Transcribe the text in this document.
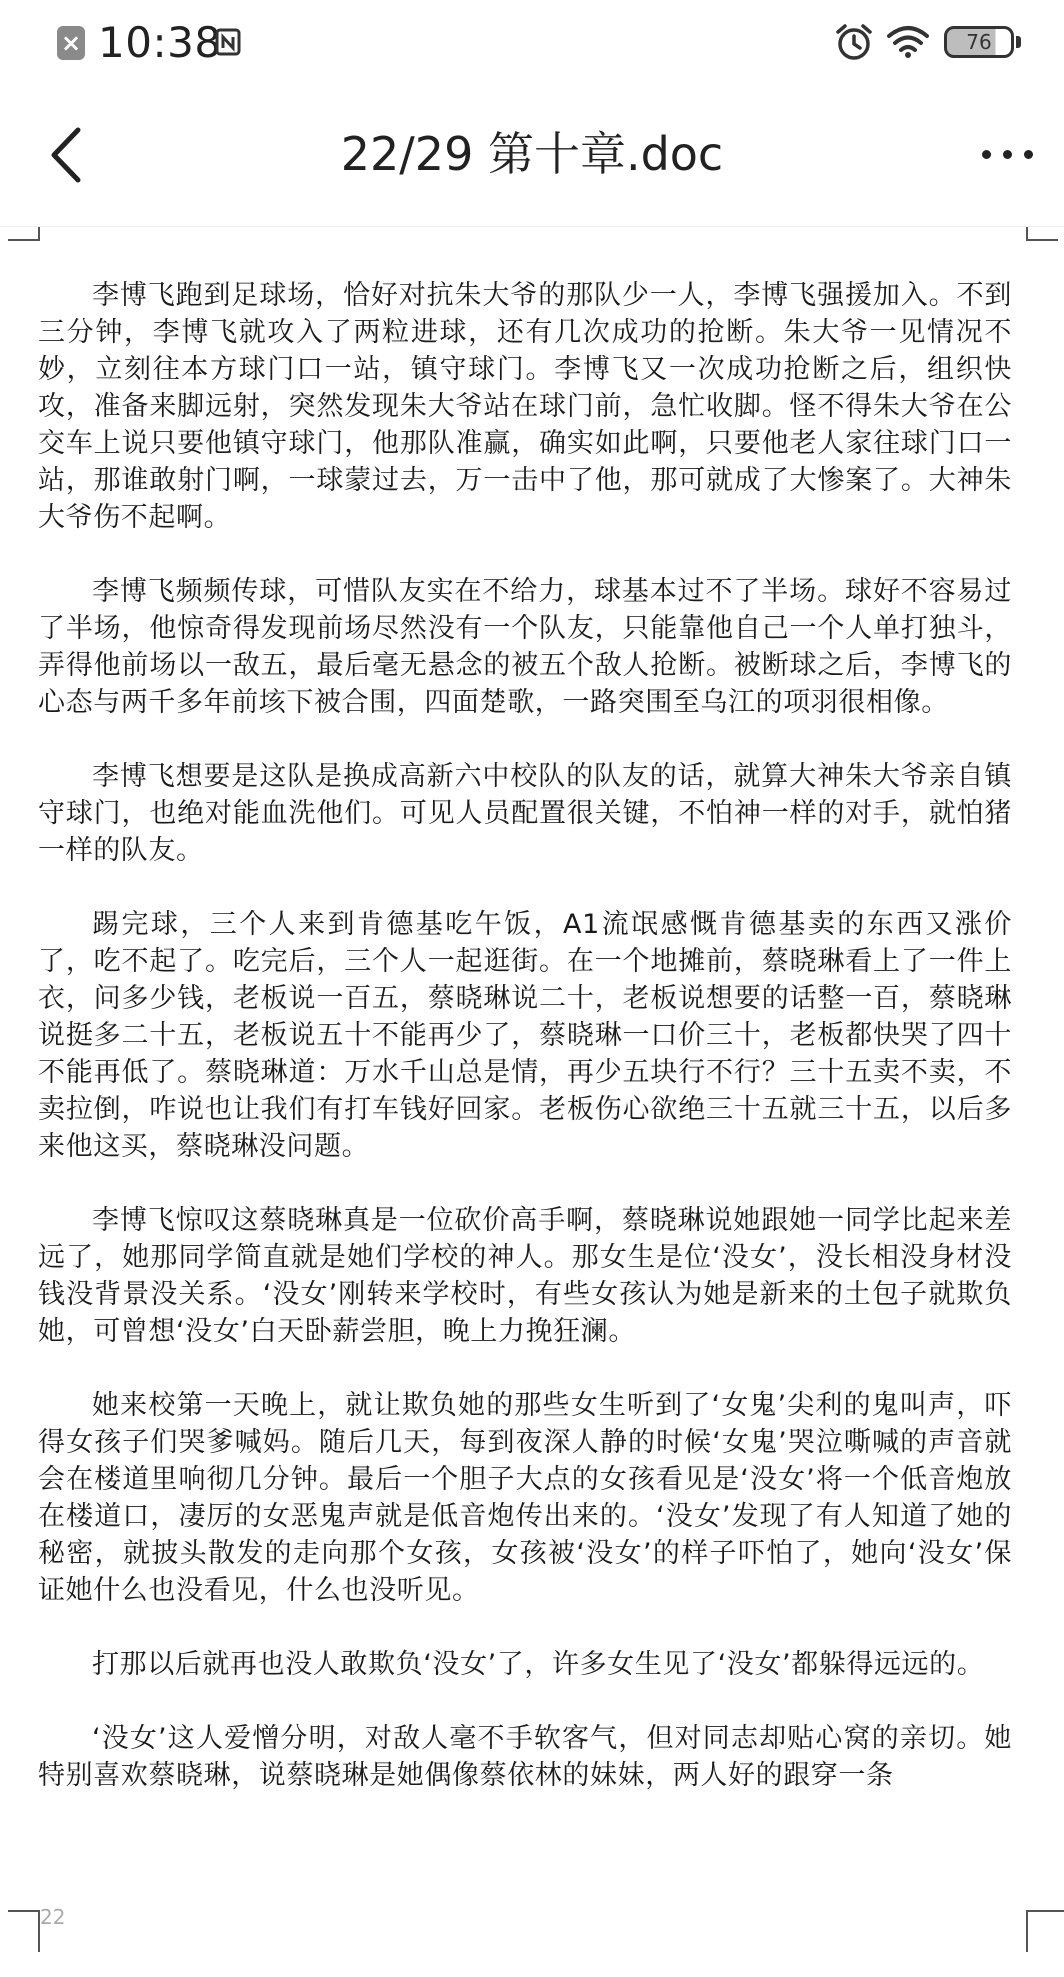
× 10:38	76
22/29 第十章.doc

李博飞跑到足球场，恰好对抗朱大爷的那队少一人，李博飞强援加入。不到三分钟，李博飞就攻入了两粒进球，还有几次成功的抢断。朱大爷一见情况不妙，立刻往本方球门口一站，镇守球门。李博飞又一次成功抢断之后，组织快攻，准备来脚远射，突然发现朱大爷站在球门前，急忙收脚。怪不得朱大爷在公交车上说只要他镇守球门，他那队准赢，确实如此啊，只要他老人家往球门口一站，那谁敢射门啊，一球蒙过去，万一击中了他，那可就成了大惨案了。大神朱大爷伤不起啊。

李博飞频频传球，可惜队友实在不给力，球基本过不了半场。球好不容易过了半场，他惊奇得发现前场尽然没有一个队友，只能靠他自己一个人单打独斗，弄得他前场以一敌五，最后毫无悬念的被五个敌人抢断。被断球之后，李博飞的心态与两千多年前垓下被合围，四面楚歌，一路突围至乌江的项羽很相像。

李博飞想要是这队是换成高新六中校队的队友的话，就算大神朱大爷亲自镇守球门，也绝对能血洗他们。可见人员配置很关键，不怕神一样的对手，就怕猪一样的队友。

踢完球，三个人来到肯德基吃午饭，A1流氓感慨肯德基卖的东西又涨价了，吃不起了。吃完后，三个人一起逛街。在一个地摊前，蔡晓琳看上了一件上衣，问多少钱，老板说一百五，蔡晓琳说二十，老板说想要的话整一百，蔡晓琳说挺多二十五，老板说五十不能再少了，蔡晓琳一口价三十，老板都快哭了四十不能再低了。蔡晓琳道：万水千山总是情，再少五块行不行？三十五卖不卖，不卖拉倒，咋说也让我们有打车钱好回家。老板伤心欲绝三十五就三十五，以后多来他这买，蔡晓琳没问题。

李博飞惊叹这蔡晓琳真是一位砍价高手啊，蔡晓琳说她跟她一同学比起来差远了，她那同学简直就是她们学校的神人。那女生是位‘没女’，没长相没身材没钱没背景没关系。‘没女’刚转来学校时，有些女孩认为她是新来的土包子就欺负她，可曾想‘没女’白天卧薪尝胆，晚上力挽狂澜。

她来校第一天晚上，就让欺负她的那些女生听到了‘女鬼’尖利的鬼叫声，吓得女孩子们哭爹喊妈。随后几天，每到夜深人静的时候‘女鬼’哭泣嘶喊的声音就会在楼道里响彻几分钟。最后一个胆子大点的女孩看见是‘没女’将一个低音炮放在楼道口，凄厉的女恶鬼声就是低音炮传出来的。‘没女’发现了有人知道了她的秘密，就披头散发的走向那个女孩，女孩被‘没女’的样子吓怕了，她向‘没女’保证她什么也没看见，什么也没听见。

打那以后就再也没人敢欺负‘没女’了，许多女生见了‘没女’都躲得远远的。

‘没女’这人爱憎分明，对敌人毫不手软客气，但对同志却贴心窝的亲切。她特别喜欢蔡晓琳，说蔡晓琳是她偶像蔡依林的妹妹，两人好的跟穿一条

22
